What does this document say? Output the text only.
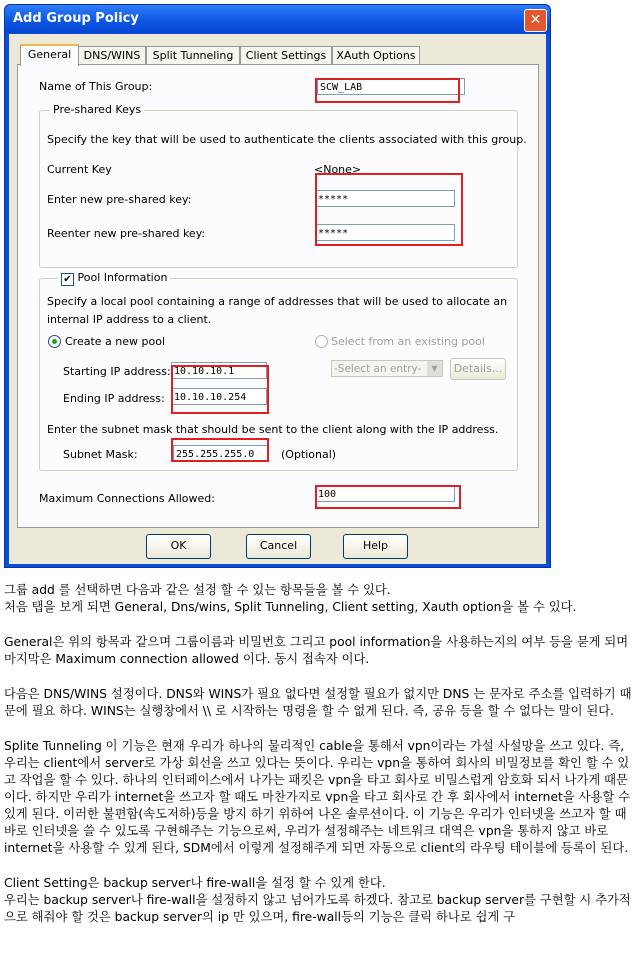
Add Group Policy	✕
General	DNS/WINS	Split Tunneling	Client Settings XAuth Options
Name of This Group:	SCW_LAB
Pre-shared Keys
Specify the key that will be used to authenticate the clients associated with this group.
Current Key	<None>
Enter new pre-shared key:	*****
Reenter new pre-shared key:	*****
✔ Pool Information
Specify a local pool containing a range of addresses that will be used to allocate an
internal IP address to a client.
Create a new pool	Select from an existing pool
Starting IP address: 10.10.10.1
Ending IP address: 10.10.10.254
-Select an entry-	▼	Details...
Enter the subnet mask that should be sent to the client along with the IP address.
Subnet Mask:	255.255.255.0	(Optional)
Maximum Connections Allowed:	100
OK	Cancel	Help

그룹 add 를 선택하면 다음과 같은 설정 할 수 있는 항목들을 볼 수 있다.

처음 탭을 보게 되면 General, Dns/wins, Split Tunneling, Client setting, Xauth option을 볼 수 있다.

General은 위의 항목과 같으며 그룹이름과 비밀번호 그리고 pool information을 사용하는지의 여부 등을 묻게 되며 마지막은 Maximum connection allowed 이다. 동시 접속자 이다.

다음은 DNS/WINS 설정이다. DNS와 WINS가 필요 없다면 설정할 필요가 없지만 DNS 는 문자로 주소를 입력하기 때문에 필요 하다. WINS는 실행창에서 \\ 로 시작하는 명령을 할 수 없게 된다. 즉, 공유 등을 할 수 없다는 말이 된다.

Splite Tunneling 이 기능은 현재 우리가 하나의 물리적인 cable을 통해서 vpn이라는 가설 사설망을 쓰고 있다. 즉, 우리는 client에서 server로 가상 회선을 쓰고 있다는 뜻이다. 우리는 vpn을 통하여 회사의 비밀정보를 확인 할 수 있고 작업을 할 수 있다. 하나의 인터페이스에서 나가는 패킷은 vpn을 타고 회사로 비밀스럽게 암호화 되서 나가게 때문이다. 하지만 우리가 internet을 쓰고자 할 때도 마찬가지로 vpn을 타고 회사로 간 후 회사에서 internet을 사용할 수 있게 된다. 이러한 불편함(속도저하)등을 방지 하기 위하여 나온 솔루션이다. 이 기능은 우리가 인터넷을 쓰고자 할 때 바로 인터넷을 쓸 수 있도록 구현해주는 기능으로써, 우리가 설정해주는 네트워크 대역은 vpn을 통하지 않고 바로 internet을 사용할 수 있게 된다, SDM에서 이렇게 설정해주게 되면 자동으로 client의 라우팅 테이블에 등록이 된다.

Client Setting은 backup server나 fire-wall을 설정 할 수 있게 한다.

우리는 backup server나 fire-wall을 설정하지 않고 넘어가도록 하겠다. 참고로 backup server를 구현할 시 추가적으로 해줘야 할 것은 backup server의 ip 만 있으며, fire-wall등의 기능은 클릭 하나로 쉽게 구
